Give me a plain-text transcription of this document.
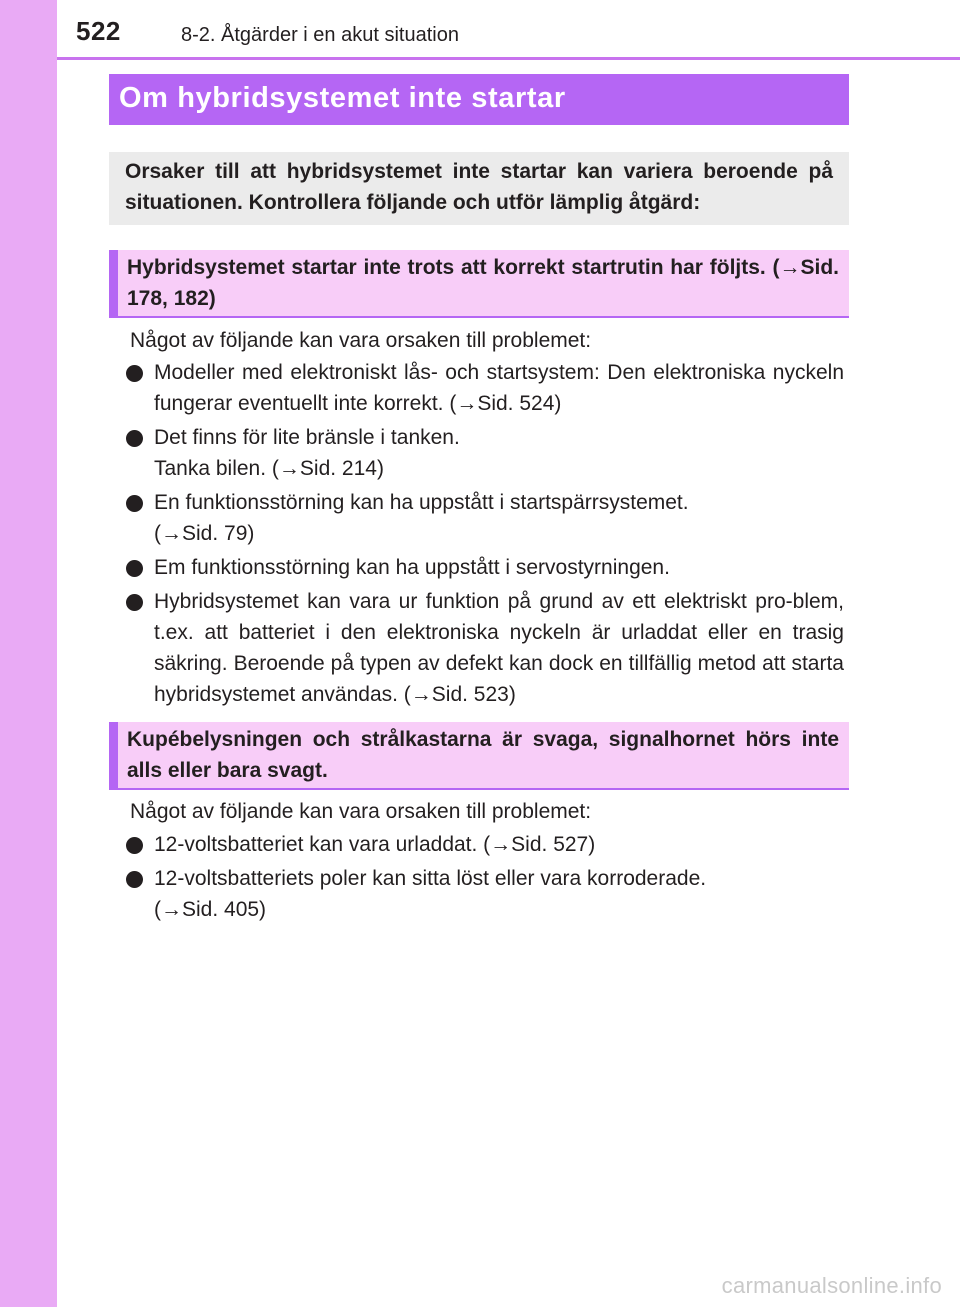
522	8-2. Åtgärder i en akut situation
Om hybridsystemet inte startar
Orsaker till att hybridsystemet inte startar kan variera beroende på situationen. Kontrollera följande och utför lämplig åtgärd:
Hybridsystemet startar inte trots att korrekt startrutin har följts. (→Sid. 178, 182)
Något av följande kan vara orsaken till problemet:
Modeller med elektroniskt lås- och startsystem: Den elektroniska nyckeln fungerar eventuellt inte korrekt. (→Sid. 524)
Det finns för lite bränsle i tanken.
Tanka bilen. (→Sid. 214)
En funktionsstörning kan ha uppstått i startspärrsystemet.
(→Sid. 79)
Em funktionsstörning kan ha uppstått i servostyrningen.
Hybridsystemet kan vara ur funktion på grund av ett elektriskt pro-blem, t.ex. att batteriet i den elektroniska nyckeln är urladdat eller en trasig säkring. Beroende på typen av defekt kan dock en tillfällig metod att starta hybridsystemet användas. (→Sid. 523)
Kupébelysningen och strålkastarna är svaga, signalhornet hörs inte alls eller bara svagt.
Något av följande kan vara orsaken till problemet:
12-voltsbatteriet kan vara urladdat. (→Sid. 527)
12-voltsbatteriets poler kan sitta löst eller vara korroderade.
(→Sid. 405)
carmanualsonline.info
